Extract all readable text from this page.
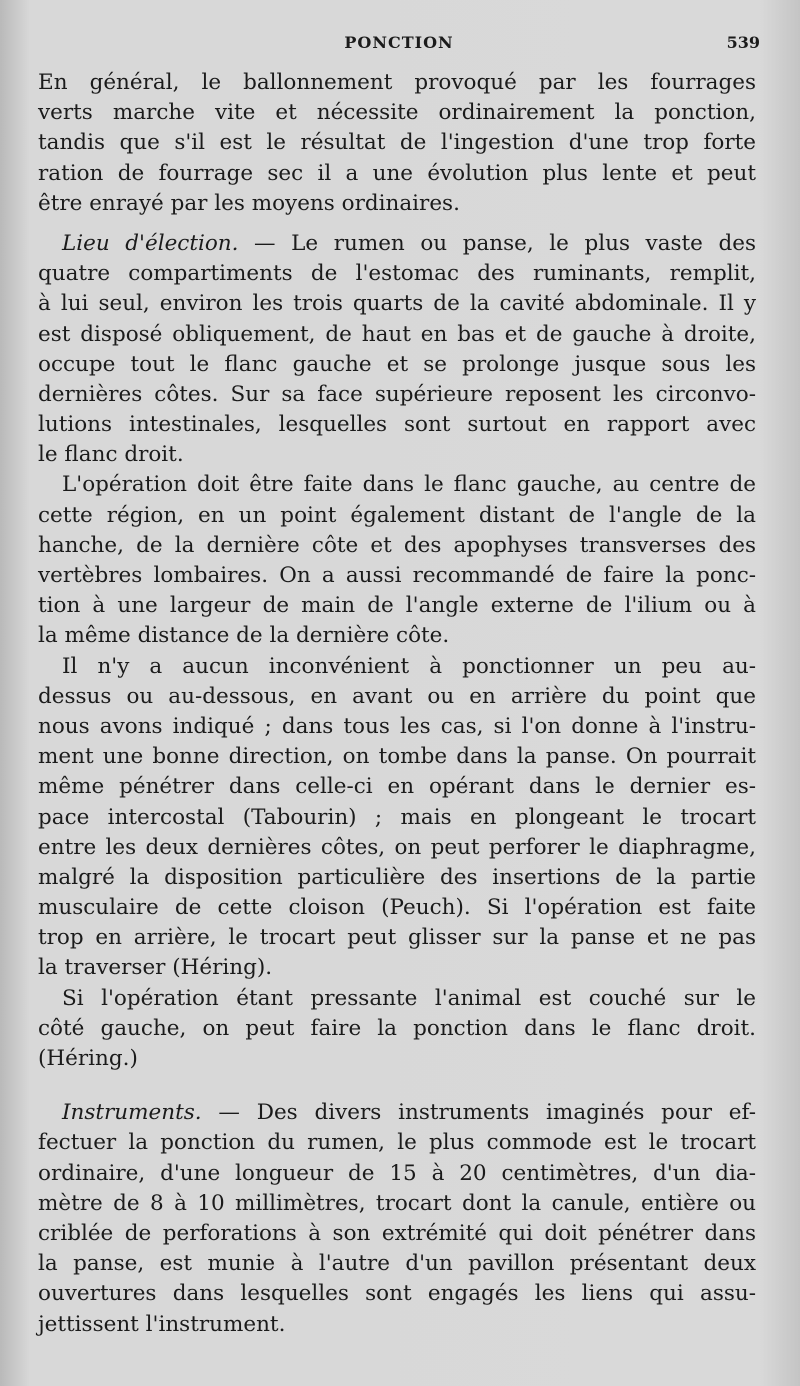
PONCTION	539
En général, le ballonnement provoqué par les fourrages
verts marche vite et nécessite ordinairement la ponction,
tandis que s'il est le résultat de l'ingestion d'une trop forte
ration de fourrage sec il a une évolution plus lente et peut
être enrayé par les moyens ordinaires.
Lieu d'élection. — Le rumen ou panse, le plus vaste des
quatre compartiments de l'estomac des ruminants, remplit,
à lui seul, environ les trois quarts de la cavité abdominale. Il y
est disposé obliquement, de haut en bas et de gauche à droite,
occupe tout le flanc gauche et se prolonge jusque sous les
dernières côtes. Sur sa face supérieure reposent les circonvo-
lutions intestinales, lesquelles sont surtout en rapport avec
le flanc droit.
L'opération doit être faite dans le flanc gauche, au centre de
cette région, en un point également distant de l'angle de la
hanche, de la dernière côte et des apophyses transverses des
vertèbres lombaires. On a aussi recommandé de faire la ponc-
tion à une largeur de main de l'angle externe de l'ilium ou à
la même distance de la dernière côte.
Il n'y a aucun inconvénient à ponctionner un peu au-
dessus ou au-dessous, en avant ou en arrière du point que
nous avons indiqué ; dans tous les cas, si l'on donne à l'instru-
ment une bonne direction, on tombe dans la panse. On pourrait
même pénétrer dans celle-ci en opérant dans le dernier es-
pace intercostal (Tabourin) ; mais en plongeant le trocart
entre les deux dernières côtes, on peut perforer le diaphragme,
malgré la disposition particulière des insertions de la partie
musculaire de cette cloison (Peuch). Si l'opération est faite
trop en arrière, le trocart peut glisser sur la panse et ne pas
la traverser (Héring).
Si l'opération étant pressante l'animal est couché sur le
côté gauche, on peut faire la ponction dans le flanc droit.
(Héring.)
Instruments. — Des divers instruments imaginés pour ef-
fectuer la ponction du rumen, le plus commode est le trocart
ordinaire, d'une longueur de 15 à 20 centimètres, d'un dia-
mètre de 8 à 10 millimètres, trocart dont la canule, entière ou
criblée de perforations à son extrémité qui doit pénétrer dans
la panse, est munie à l'autre d'un pavillon présentant deux
ouvertures dans lesquelles sont engagés les liens qui assu-
jettissent l'instrument.
